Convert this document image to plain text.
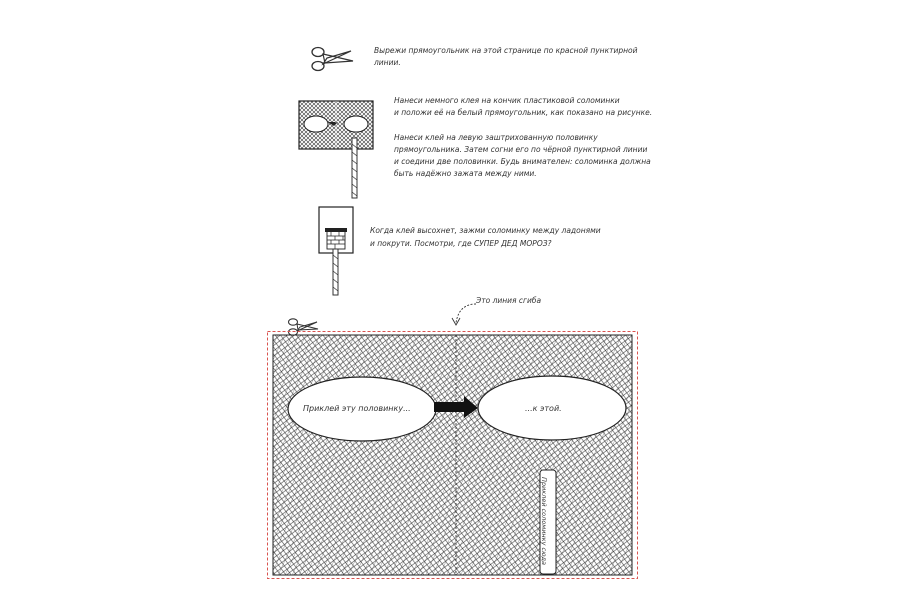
Вырежи прямоугольник на этой странице по красной пунктирной
линии.
Нанеси немного клея на кончик пластиковой соломинки
и положи её на белый прямоугольник, как показано на рисунке.
Нанеси клей на левую заштрихованную половинку
прямоугольника. Затем согни его по чёрной пунктирной линии
и соедини две половинки. Будь внимателен: соломинка должна
быть надёжно зажата между ними.
Когда клей высохнет, зажми соломинку между ладонями
и покрути. Посмотри, где СУПЕР ДЕД МОРОЗ?
Это линия сгиба
Приклей эту половинку...	...к этой.
Приклей соломинку сюда
